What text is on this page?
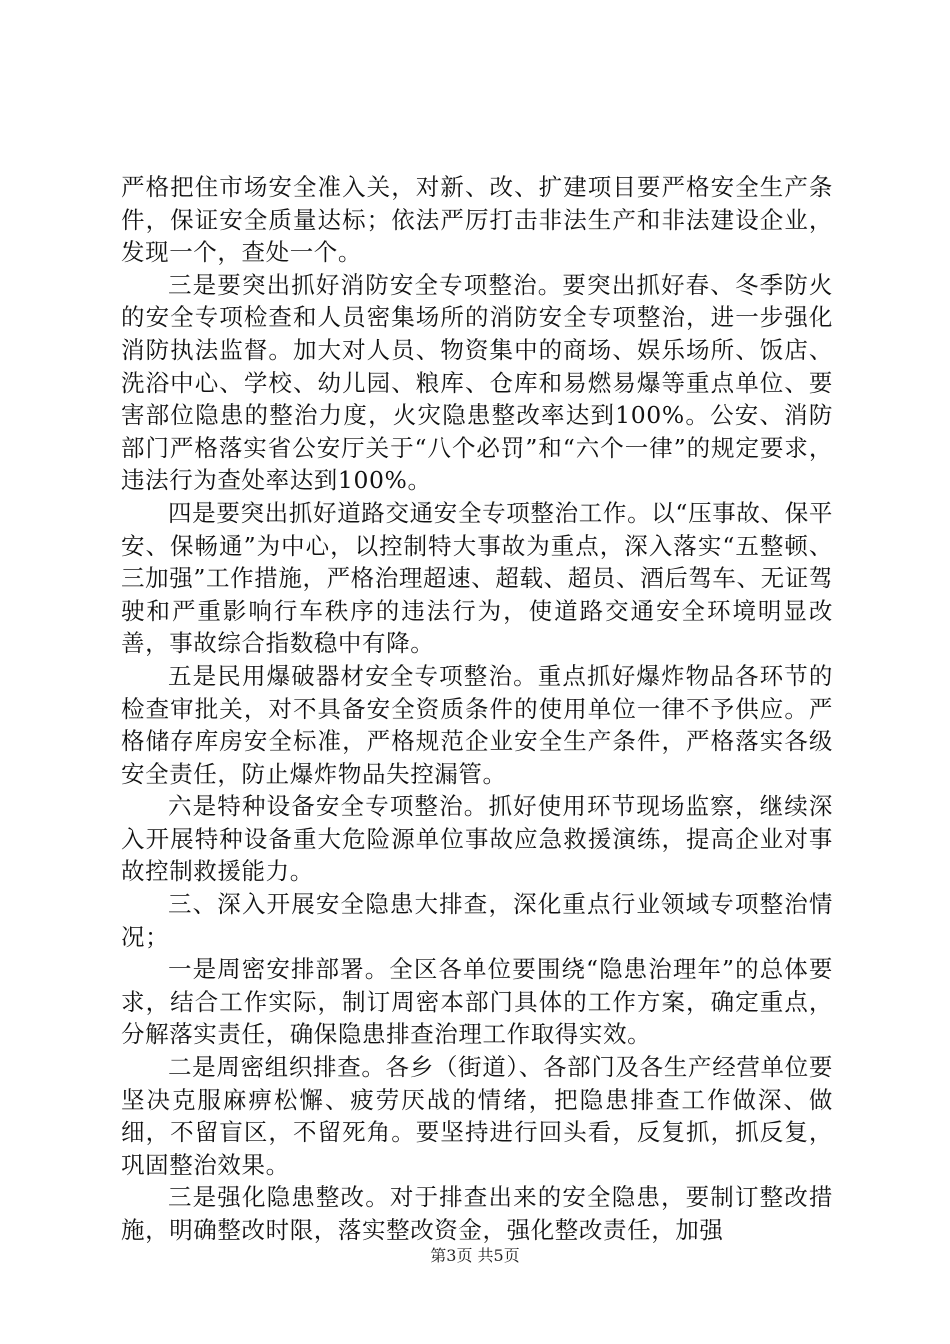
严格把住市场安全准入关，对新、改、扩建项目要严格安全生产条件，保证安全质量达标；依法严厉打击非法生产和非法建设企业，发现一个，查处一个。

三是要突出抓好消防安全专项整治。要突出抓好春、冬季防火的安全专项检查和人员密集场所的消防安全专项整治，进一步强化消防执法监督。加大对人员、物资集中的商场、娱乐场所、饭店、洗浴中心、学校、幼儿园、粮库、仓库和易燃易爆等重点单位、要害部位隐患的整治力度，火灾隐患整改率达到100%。公安、消防部门严格落实省公安厅关于“八个必罚”和“六个一律”的规定要求，违法行为查处率达到100%。

四是要突出抓好道路交通安全专项整治工作。以“压事故、保平安、保畅通”为中心，以控制特大事故为重点，深入落实“五整顿、三加强”工作措施，严格治理超速、超载、超员、酒后驾车、无证驾驶和严重影响行车秩序的违法行为，使道路交通安全环境明显改善，事故综合指数稳中有降。

五是民用爆破器材安全专项整治。重点抓好爆炸物品各环节的检查审批关，对不具备安全资质条件的使用单位一律不予供应。严格储存库房安全标准，严格规范企业安全生产条件，严格落实各级安全责任，防止爆炸物品失控漏管。

六是特种设备安全专项整治。抓好使用环节现场监察，继续深入开展特种设备重大危险源单位事故应急救援演练，提高企业对事故控制救援能力。

三、深入开展安全隐患大排查，深化重点行业领域专项整治情况；

一是周密安排部署。全区各单位要围绕“隐患治理年”的总体要求，结合工作实际，制订周密本部门具体的工作方案，确定重点，分解落实责任，确保隐患排查治理工作取得实效。

二是周密组织排查。各乡（街道）、各部门及各生产经营单位要坚决克服麻痹松懈、疲劳厌战的情绪，把隐患排查工作做深、做细，不留盲区，不留死角。要坚持进行回头看，反复抓，抓反复，巩固整治效果。

三是强化隐患整改。对于排查出来的安全隐患，要制订整改措施，明确整改时限，落实整改资金，强化整改责任，加强

第3页 共5页
